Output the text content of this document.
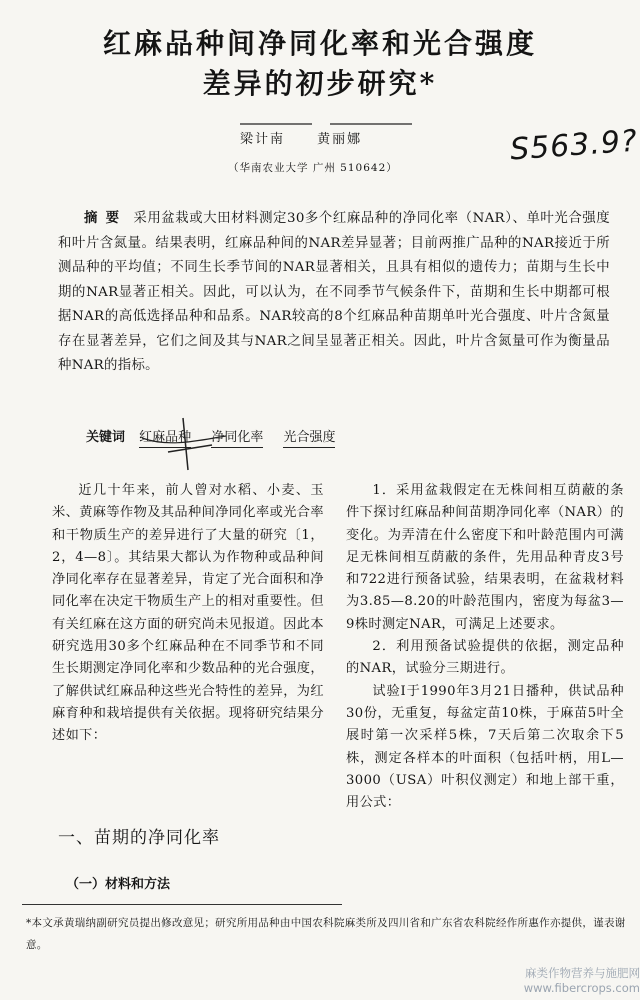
红麻品种间净同化率和光合强度
差异的初步研究*
梁计南 黄丽娜
（华南农业大学 广州 510642）
S563.9?
摘要 采用盆栽或大田材料测定30多个红麻品种的净同化率（NAR）、单叶光合强度和叶片含氮量。结果表明，红麻品种间的NAR差异显著；目前两推广品种的NAR接近于所测品种的平均值；不同生长季节间的NAR显著相关，且具有相似的遗传力；苗期与生长中期的NAR显著正相关。因此，可以认为，在不同季节气候条件下，苗期和生长中期都可根据NAR的高低选择品种和品系。NAR较高的8个红麻品种苗期单叶光合强度、叶片含氮量存在显著差异，它们之间及其与NAR之间呈显著正相关。因此，叶片含氮量可作为衡量品种NAR的指标。
关键词 红麻品种 净同化率 光合强度

近几十年来，前人曾对水稻、小麦、玉米、黄麻等作物及其品种间净同化率或光合率和干物质生产的差异进行了大量的研究〔1，2，4—8〕。其结果大都认为作物种或品种间净同化率存在显著差异，肯定了光合面积和净同化率在决定干物质生产上的相对重要性。但有关红麻在这方面的研究尚未见报道。因此本研究选用30多个红麻品种在不同季节和不同生长期测定净同化率和少数品种的光合强度，了解供试红麻品种这些光合特性的差异，为红麻育种和栽培提供有关依据。现将研究结果分述如下：

1．采用盆栽假定在无株间相互荫蔽的条件下探讨红麻品种间苗期净同化率（NAR）的变化。为弄清在什么密度下和叶龄范围内可满足无株间相互荫蔽的条件，先用品种青皮3号和722进行预备试验，结果表明，在盆栽材料为3.85—8.20的叶龄范围内，密度为每盆3—9株时测定NAR，可满足上述要求。

2．利用预备试验提供的依据，测定品种的NAR，试验分三期进行。

试验Ⅰ于1990年3月21日播种，供试品种30份，无重复，每盆定苗10株，于麻苗5叶全展时第一次采样5株，7天后第二次取余下5株，测定各样本的叶面积（包括叶柄，用L—3000（USA）叶积仪测定）和地上部干重，用公式：

一、苗期的净同化率
（一）材料和方法
*本文承黄瑞纳副研究员提出修改意见；研究所用品种由中国农科院麻类所及四川省和广东省农科院经作所惠作亦提供，谨表谢意。
麻类作物营养与施肥网
www.fibercrops.com
